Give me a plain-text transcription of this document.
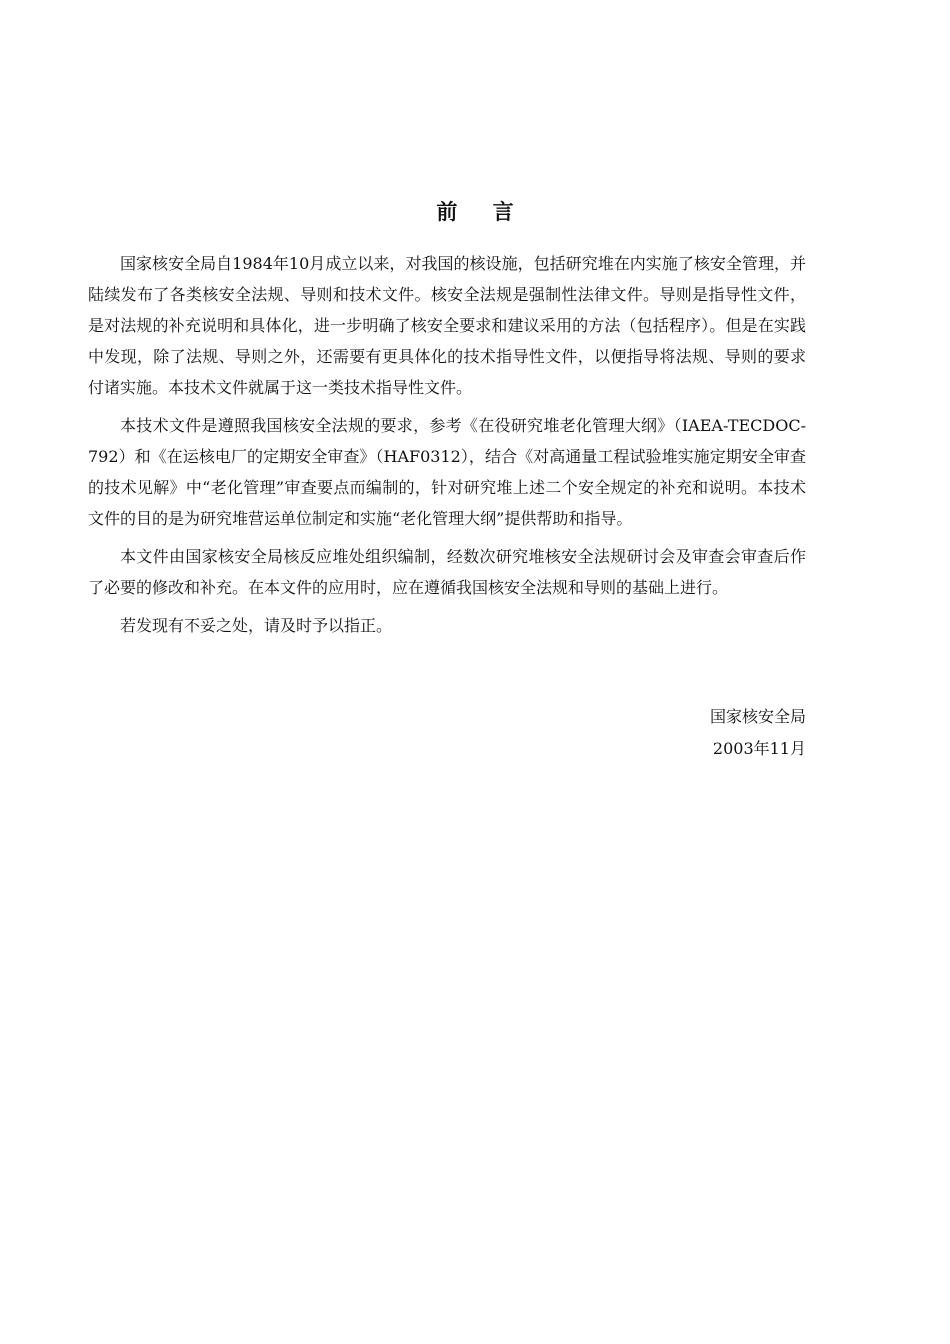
前 言

国家核安全局自1984年10月成立以来，对我国的核设施，包括研究堆在内实施了核安全管理，并陆续发布了各类核安全法规、导则和技术文件。核安全法规是强制性法律文件。导则是指导性文件，是对法规的补充说明和具体化，进一步明确了核安全要求和建议采用的方法（包括程序）。但是在实践中发现，除了法规、导则之外，还需要有更具体化的技术指导性文件，以便指导将法规、导则的要求付诸实施。本技术文件就属于这一类技术指导性文件。

本技术文件是遵照我国核安全法规的要求，参考《在役研究堆老化管理大纲》（IAEA-TECDOC-792）和《在运核电厂的定期安全审查》（HAF0312），结合《对高通量工程试验堆实施定期安全审查的技术见解》中“老化管理”审查要点而编制的，针对研究堆上述二个安全规定的补充和说明。本技术文件的目的是为研究堆营运单位制定和实施“老化管理大纲”提供帮助和指导。

本文件由国家核安全局核反应堆处组织编制，经数次研究堆核安全法规研讨会及审查会审查后作了必要的修改和补充。在本文件的应用时，应在遵循我国核安全法规和导则的基础上进行。

若发现有不妥之处，请及时予以指正。

国家核安全局
2003年11月
